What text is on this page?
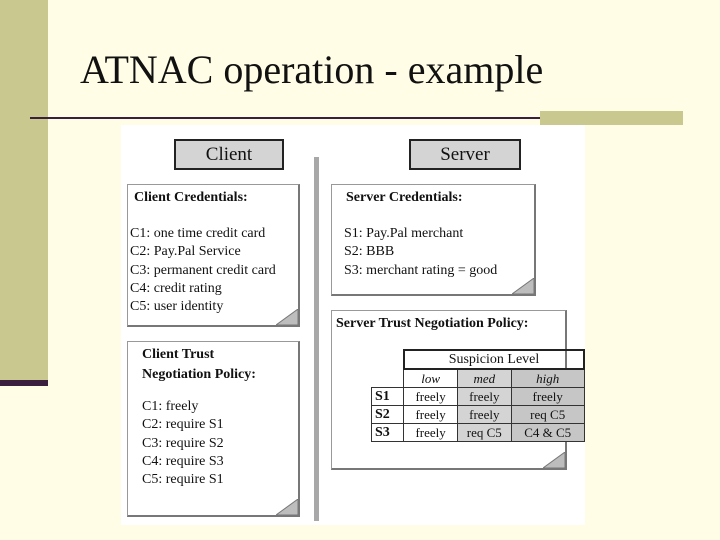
ATNAC operation - example
Client	Server
Client Credentials:
C1: one time credit card
C2: Pay.Pal Service
C3: permanent credit card
C4: credit rating
C5: user identity
Client Trust
Negotiation Policy:
C1: freely
C2: require S1
C3: require S2
C4: require S3
C5: require S1
Server Credentials:
S1: Pay.Pal merchant
S2: BBB
S3: merchant rating = good
Server Trust Negotiation Policy:
	Suspicion Level		
	low	med	high
S1	freely	freely	freely
S2	freely	freely	req C5
S3	freely	req C5	C4 & C5
